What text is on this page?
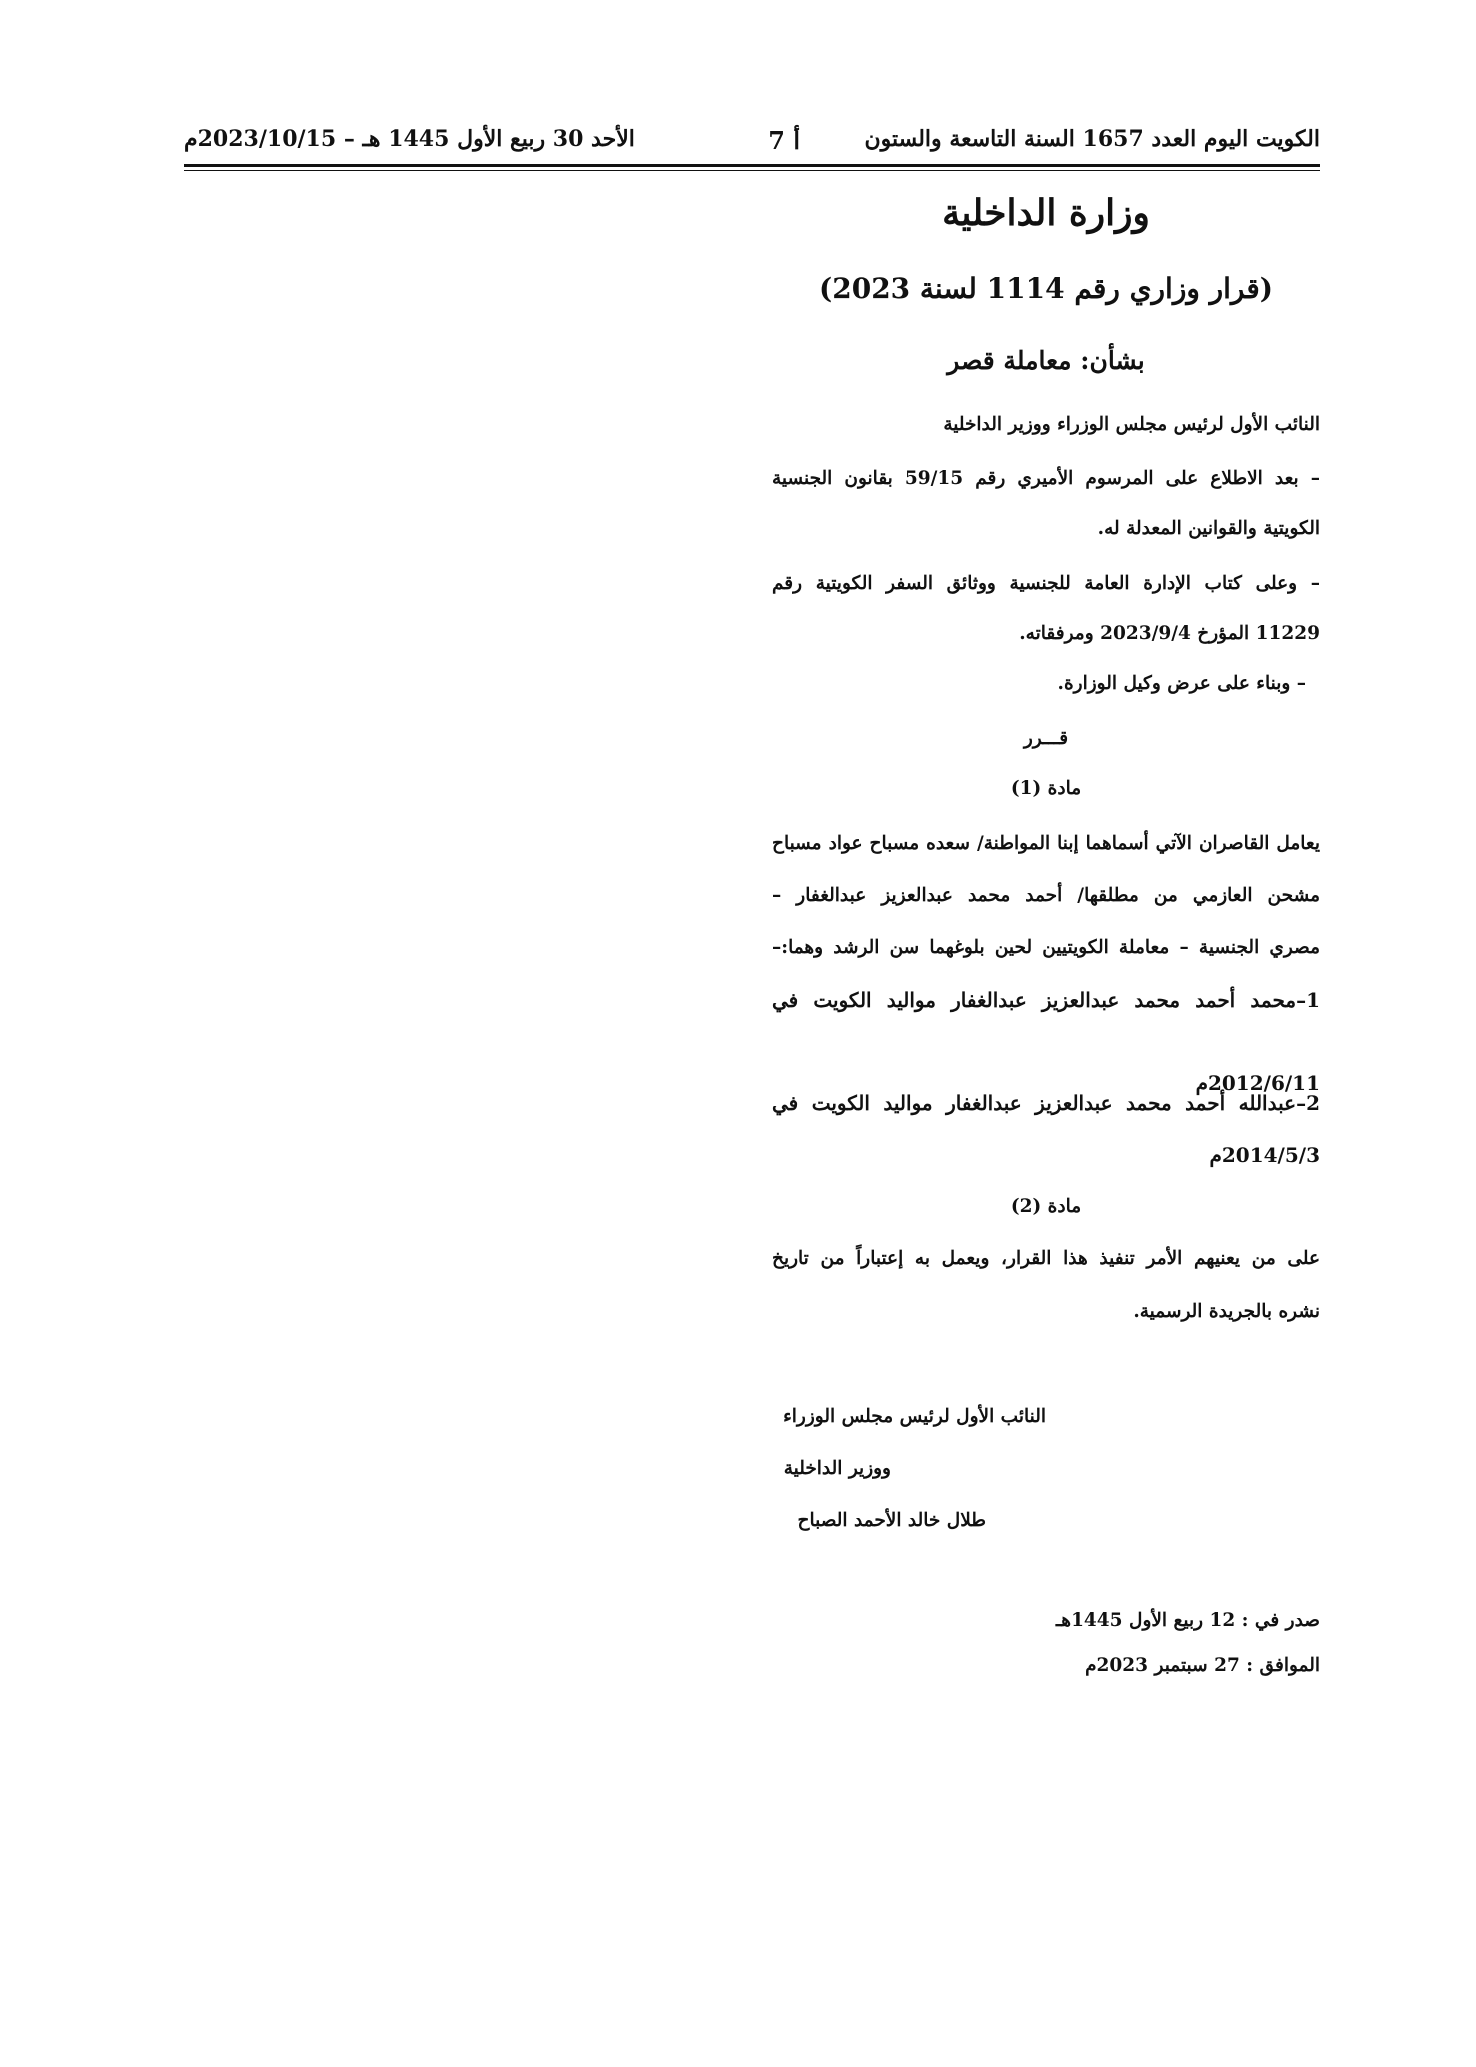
الكويت اليوم العدد 1657 السنة التاسعة والستون
أ 7
الأحد 30 ربيع الأول 1445 هـ – 2023/10/15م
وزارة الداخلية
(قرار وزاري رقم 1114 لسنة 2023)
بشأن: معاملة قصر
النائب الأول لرئيس مجلس الوزراء ووزير الداخلية
– بعد الاطلاع على المرسوم الأميري رقم 59/15 بقانون الجنسية
الكويتية والقوانين المعدلة له.
– وعلى كتاب الإدارة العامة للجنسية ووثائق السفر الكويتية رقم
11229 المؤرخ 2023/9/4 ومرفقاته.
– وبناء على عرض وكيل الوزارة.
قـــرر
مادة (1)
يعامل القاصران الآتي أسماهما إبنا المواطنة/ سعده مسباح عواد مسباح
مشحن العازمي من مطلقها/ أحمد محمد عبدالعزيز عبدالغفار –
مصري الجنسية – معاملة الكويتيين لحين بلوغهما سن الرشد وهما:–
1–محمد أحمد محمد عبدالعزيز عبدالغفار مواليد الكويت في
2012/6/11م
2–عبدالله أحمد محمد عبدالعزيز عبدالغفار مواليد الكويت في
2014/5/3م
مادة (2)
على من يعنيهم الأمر تنفيذ هذا القرار، ويعمل به إعتباراً من تاريخ
نشره بالجريدة الرسمية.
النائب الأول لرئيس مجلس الوزراء
ووزير الداخلية
طلال خالد الأحمد الصباح
صدر في : 12 ربيع الأول 1445هـ
الموافق : 27 سبتمبر 2023م
